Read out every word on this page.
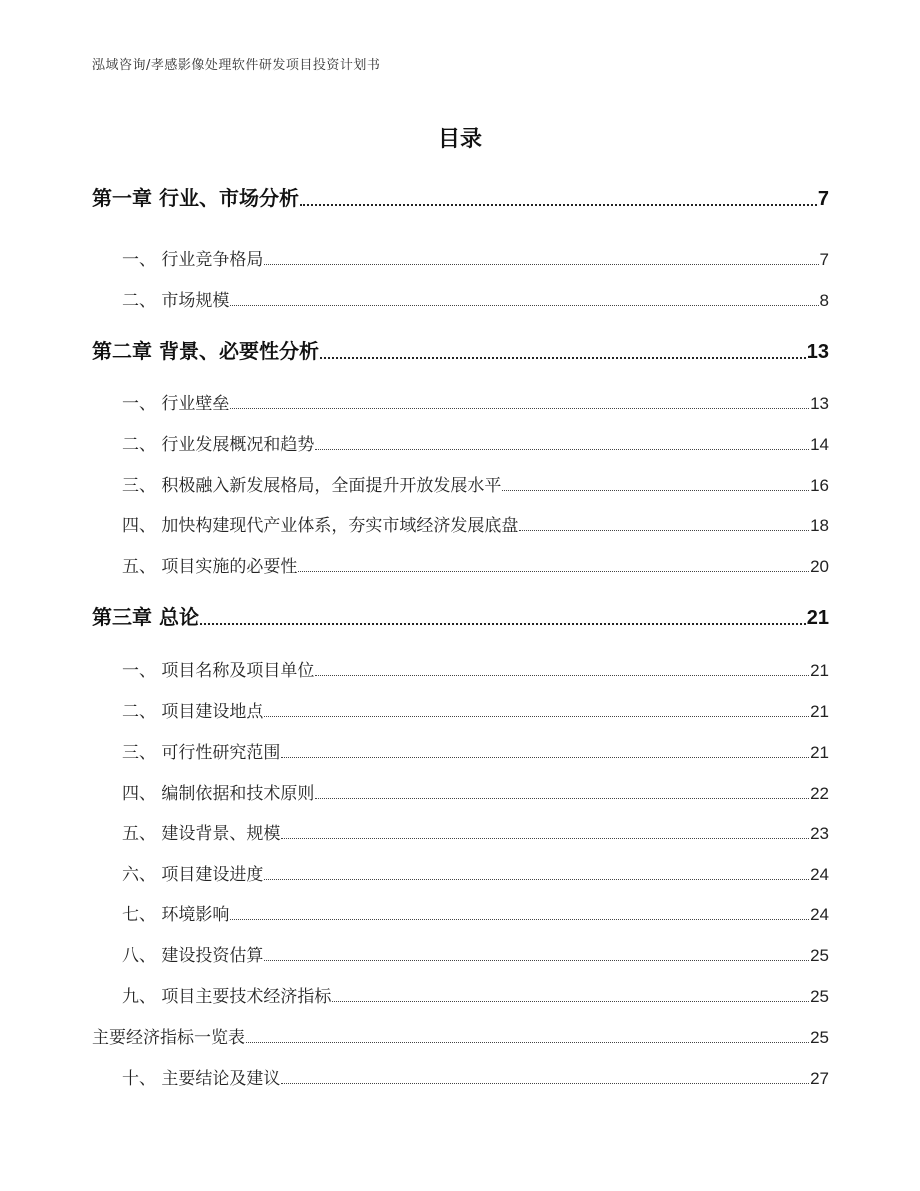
泓域咨询/孝感影像处理软件研发项目投资计划书
目录
第一章 行业、市场分析	7
一、 行业竞争格局	7
二、 市场规模	8
第二章 背景、必要性分析	13
一、 行业壁垒	13
二、 行业发展概况和趋势	14
三、 积极融入新发展格局，全面提升开放发展水平	16
四、 加快构建现代产业体系，夯实市域经济发展底盘	18
五、 项目实施的必要性	20
第三章 总论	21
一、 项目名称及项目单位	21
二、 项目建设地点	21
三、 可行性研究范围	21
四、 编制依据和技术原则	22
五、 建设背景、规模	23
六、 项目建设进度	24
七、 环境影响	24
八、 建设投资估算	25
九、 项目主要技术经济指标	25
主要经济指标一览表	25
十、 主要结论及建议	27
